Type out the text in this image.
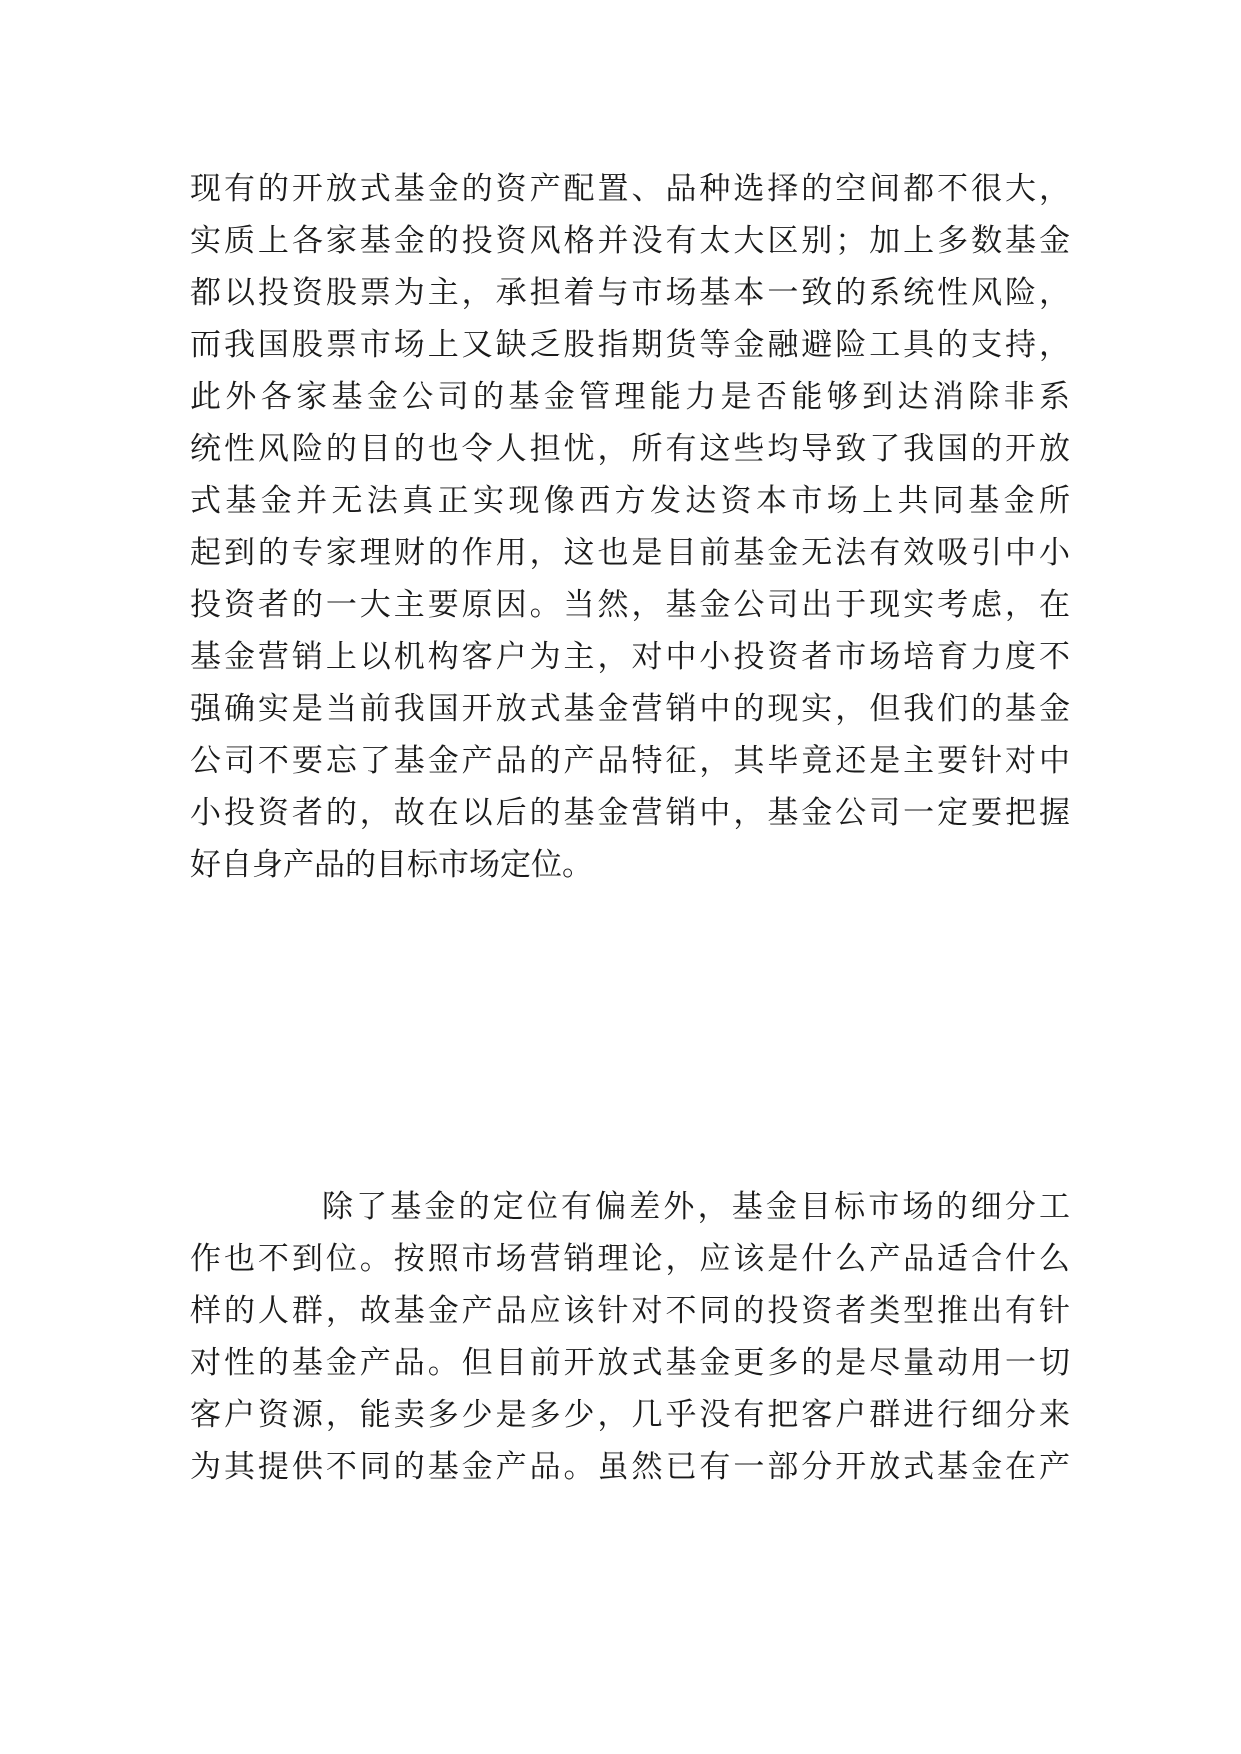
现有的开放式基金的资产配置、品种选择的空间都不很大，
实质上各家基金的投资风格并没有太大区别；加上多数基金
都以投资股票为主，承担着与市场基本一致的系统性风险，
而我国股票市场上又缺乏股指期货等金融避险工具的支持，
此外各家基金公司的基金管理能力是否能够到达消除非系
统性风险的目的也令人担忧，所有这些均导致了我国的开放
式基金并无法真正实现像西方发达资本市场上共同基金所
起到的专家理财的作用，这也是目前基金无法有效吸引中小
投资者的一大主要原因。当然，基金公司出于现实考虑，在
基金营销上以机构客户为主，对中小投资者市场培育力度不
强确实是当前我国开放式基金营销中的现实，但我们的基金
公司不要忘了基金产品的产品特征，其毕竟还是主要针对中
小投资者的，故在以后的基金营销中，基金公司一定要把握
好自身产品的目标市场定位。
除了基金的定位有偏差外，基金目标市场的细分工
作也不到位。按照市场营销理论，应该是什么产品适合什么
样的人群，故基金产品应该针对不同的投资者类型推出有针
对性的基金产品。但目前开放式基金更多的是尽量动用一切
客户资源，能卖多少是多少，几乎没有把客户群进行细分来
为其提供不同的基金产品。虽然已有一部分开放式基金在产
